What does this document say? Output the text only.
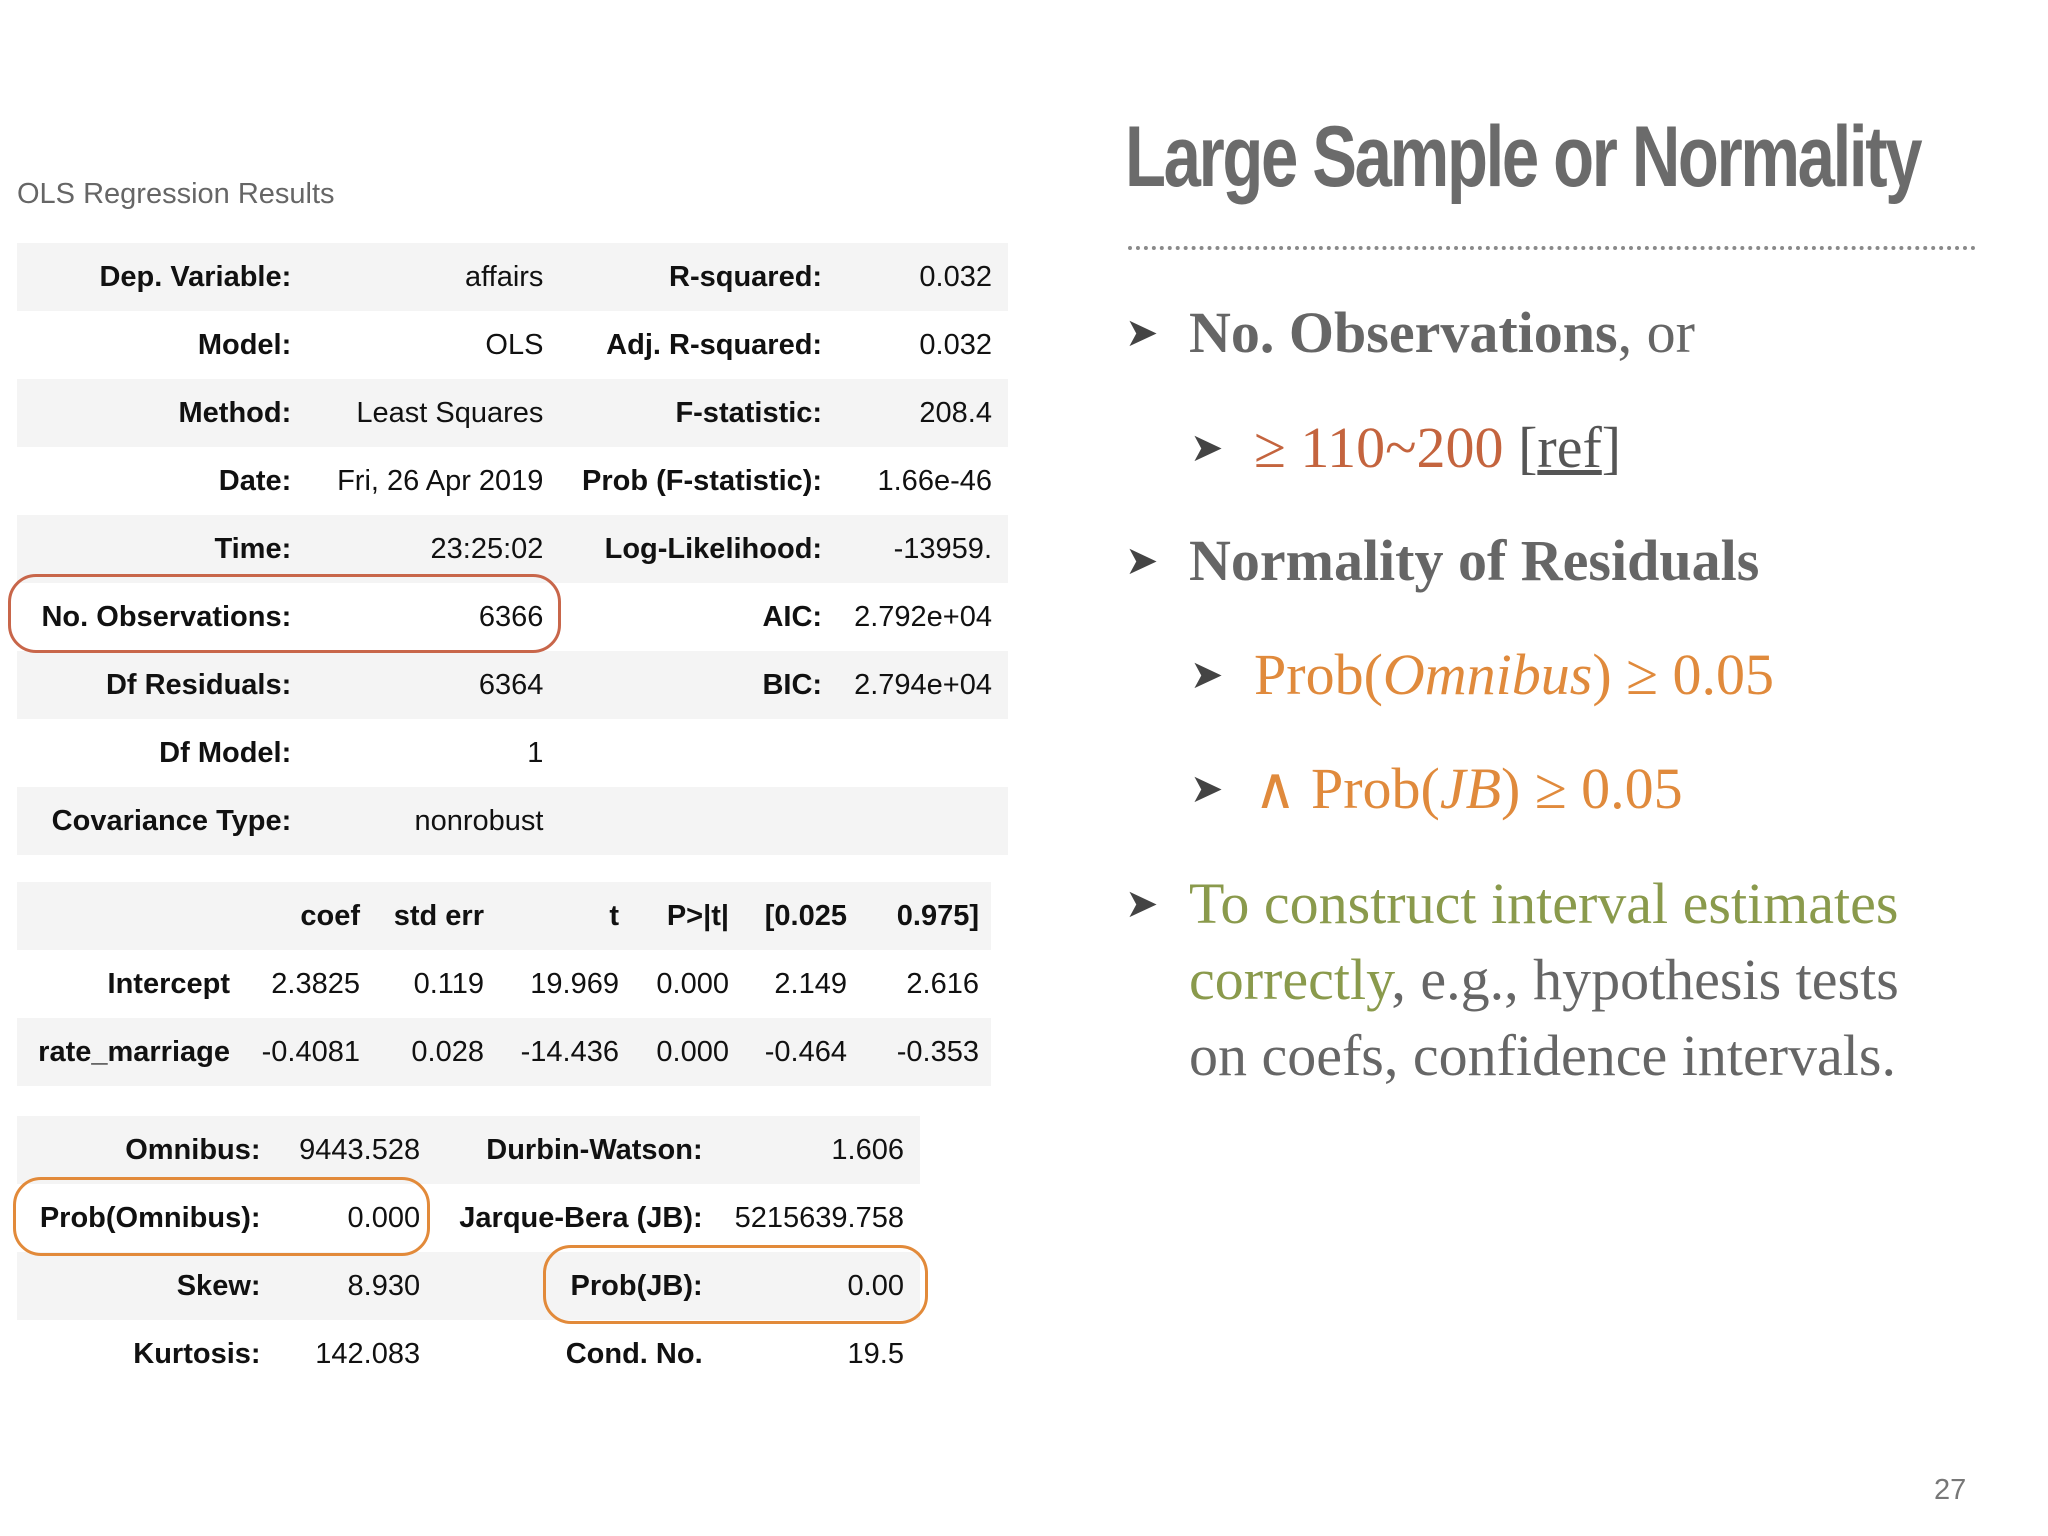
OLS Regression Results
Dep. Variable:	affairs	R-squared:	0.032
Model:	OLS	Adj. R-squared:	0.032
Method:	Least Squares	F-statistic:	208.4
Date:	Fri, 26 Apr 2019	Prob (F-statistic):	1.66e-46
Time:	23:25:02	Log-Likelihood:	-13959.
No. Observations:	6366	AIC:	2.792e+04
Df Residuals:	6364	BIC:	2.794e+04
Df Model:	1		
Covariance Type:	nonrobust		
	coef	std err	t	P>|t|	[0.025	0.975]
Intercept	2.3825	0.119	19.969	0.000	2.149	2.616
rate_marriage	-0.4081	0.028	-14.436	0.000	-0.464	-0.353
Omnibus:	9443.528	Durbin-Watson:	1.606
Prob(Omnibus):	0.000	Jarque-Bera (JB):	5215639.758
Skew:	8.930	Prob(JB):	0.00
Kurtosis:	142.083	Cond. No.	19.5
Large Sample or Normality
➤ No. Observations, or
➤ ≥ 110~200 [ref]
➤ Normality of Residuals
➤ Prob(Omnibus) ≥ 0.05
➤ ∧ Prob(JB) ≥ 0.05
➤ To construct interval estimates
correctly, e.g., hypothesis tests
on coefs, confidence intervals.
27
